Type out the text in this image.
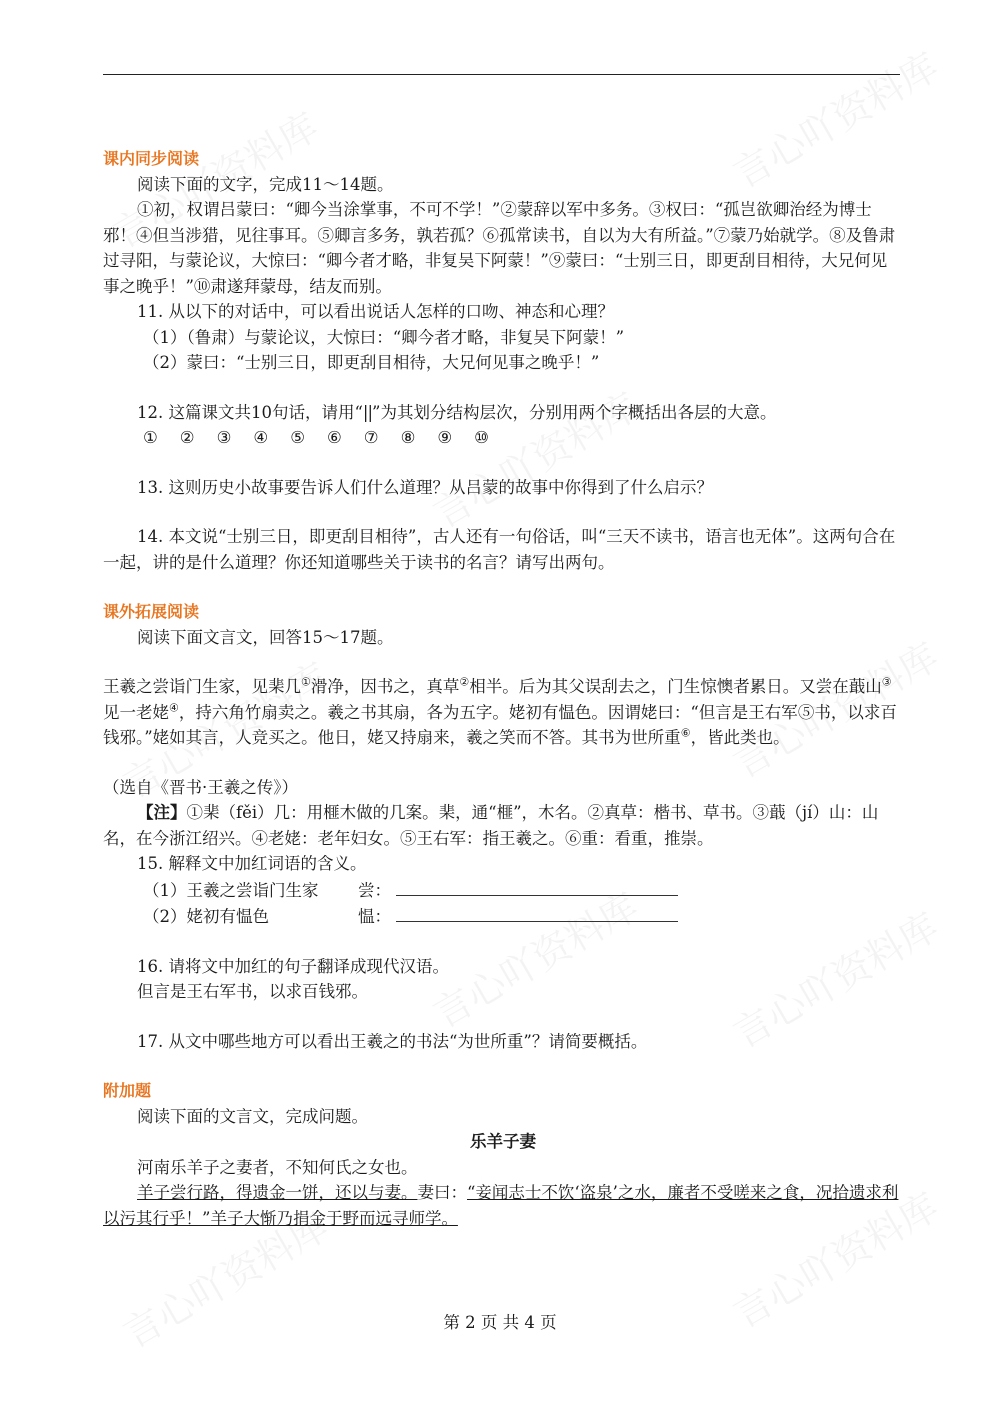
课内同步阅读

阅读下面的文字，完成11～14题。

①初，权谓吕蒙曰：“卿今当涂掌事，不可不学！”②蒙辞以军中多务。③权曰：“孤岂欲卿治经为博士邪！④但当涉猎，见往事耳。⑤卿言多务，孰若孤？⑥孤常读书，自以为大有所益。”⑦蒙乃始就学。⑧及鲁肃过寻阳，与蒙论议，大惊曰：“卿今者才略，非复吴下阿蒙！”⑨蒙曰：“士别三日，即更刮目相待，大兄何见事之晚乎！”⑩肃遂拜蒙母，结友而别。

11. 从以下的对话中，可以看出说话人怎样的口吻、神态和心理？

（1）（鲁肃）与蒙论议，大惊曰：“卿今者才略，非复吴下阿蒙！”

（2）蒙曰：“士别三日，即更刮目相待，大兄何见事之晚乎！”

12. 这篇课文共10句话，请用“||”为其划分结构层次，分别用两个字概括出各层的大意。

① ② ③ ④ ⑤ ⑥ ⑦ ⑧ ⑨ ⑩

13. 这则历史小故事要告诉人们什么道理？从吕蒙的故事中你得到了什么启示？

14. 本文说“士别三日，即更刮目相待”，古人还有一句俗话，叫“三天不读书，语言也无体”。这两句合在一起，讲的是什么道理？你还知道哪些关于读书的名言？请写出两句。

课外拓展阅读

阅读下面文言文，回答15～17题。

王羲之尝诣门生家，见棐几①滑净，因书之，真草②相半。后为其父误刮去之，门生惊懊者累日。又尝在蕺山③见一老姥④，持六角竹扇卖之。羲之书其扇，各为五字。姥初有愠色。因谓姥曰：“但言是王右军⑤书，以求百钱邪。”姥如其言，人竞买之。他日，姥又持扇来，羲之笑而不答。其书为世所重⑥，皆此类也。

（选自《晋书·王羲之传》）

【注】①棐（fěi）几：用榧木做的几案。棐，通“榧”，木名。②真草：楷书、草书。③蕺（jí）山：山名，在今浙江绍兴。④老姥：老年妇女。⑤王右军：指王羲之。⑥重：看重，推崇。

15. 解释文中加红词语的含义。

（1）王羲之尝诣门生家	尝：
（2）姥初有愠色	愠：

16. 请将文中加红的句子翻译成现代汉语。

但言是王右军书，以求百钱邪。

17. 从文中哪些地方可以看出王羲之的书法“为世所重”？请简要概括。

附加题

阅读下面的文言文，完成问题。

乐羊子妻

河南乐羊子之妻者，不知何氏之女也。

羊子尝行路，得遗金一饼，还以与妻。妻曰：“妾闻志士不饮‘盗泉’之水，廉者不受嗟来之食，况拾遗求利以污其行乎！”羊子大惭乃捐金于野而远寻师学。

第 2 页 共 4 页
